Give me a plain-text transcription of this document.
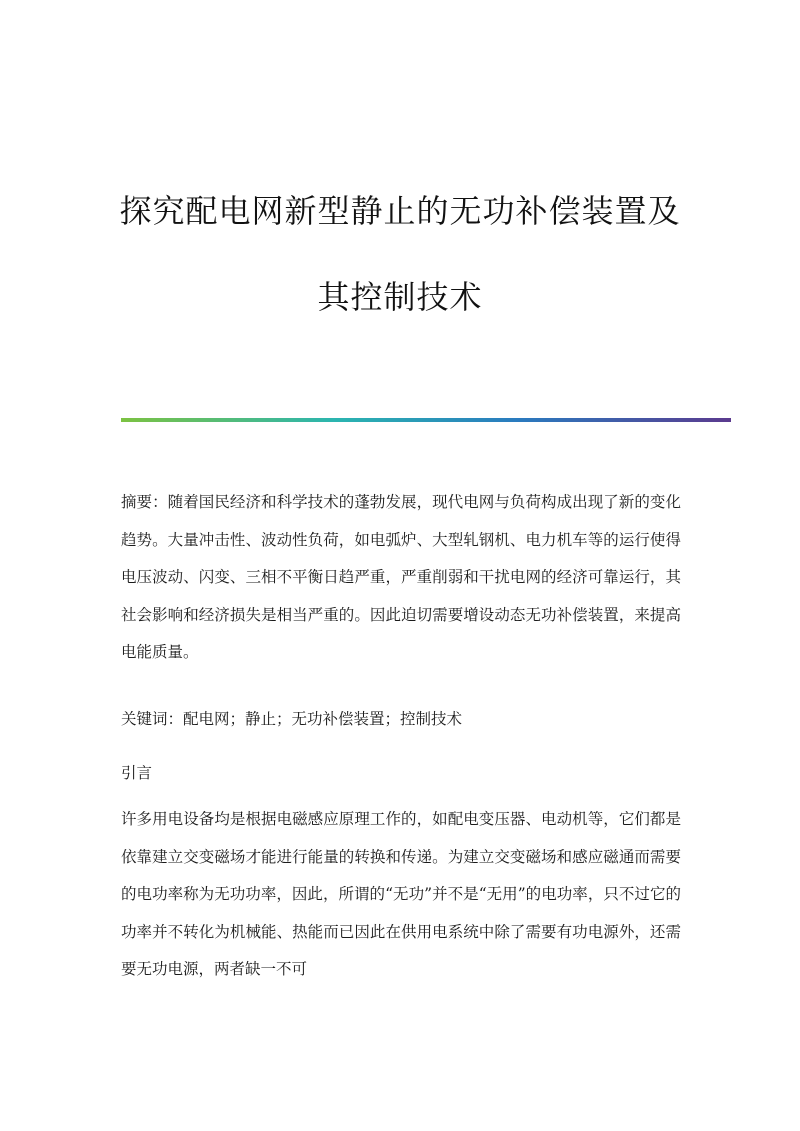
探究配电网新型静止的无功补偿装置及
其控制技术

摘要：随着国民经济和科学技术的蓬勃发展，现代电网与负荷构成出现了新的变化趋势。大量冲击性、波动性负荷，如电弧炉、大型轧钢机、电力机车等的运行使得电压波动、闪变、三相不平衡日趋严重，严重削弱和干扰电网的经济可靠运行，其社会影响和经济损失是相当严重的。因此迫切需要增设动态无功补偿装置，来提高电能质量。

关键词：配电网；静止；无功补偿装置；控制技术

引言

许多用电设备均是根据电磁感应原理工作的，如配电变压器、电动机等，它们都是依靠建立交变磁场才能进行能量的转换和传递。为建立交变磁场和感应磁通而需要的电功率称为无功功率，因此，所谓的“无功”并不是“无用”的电功率，只不过它的功率并不转化为机械能、热能而已因此在供用电系统中除了需要有功电源外，还需要无功电源，两者缺一不可
